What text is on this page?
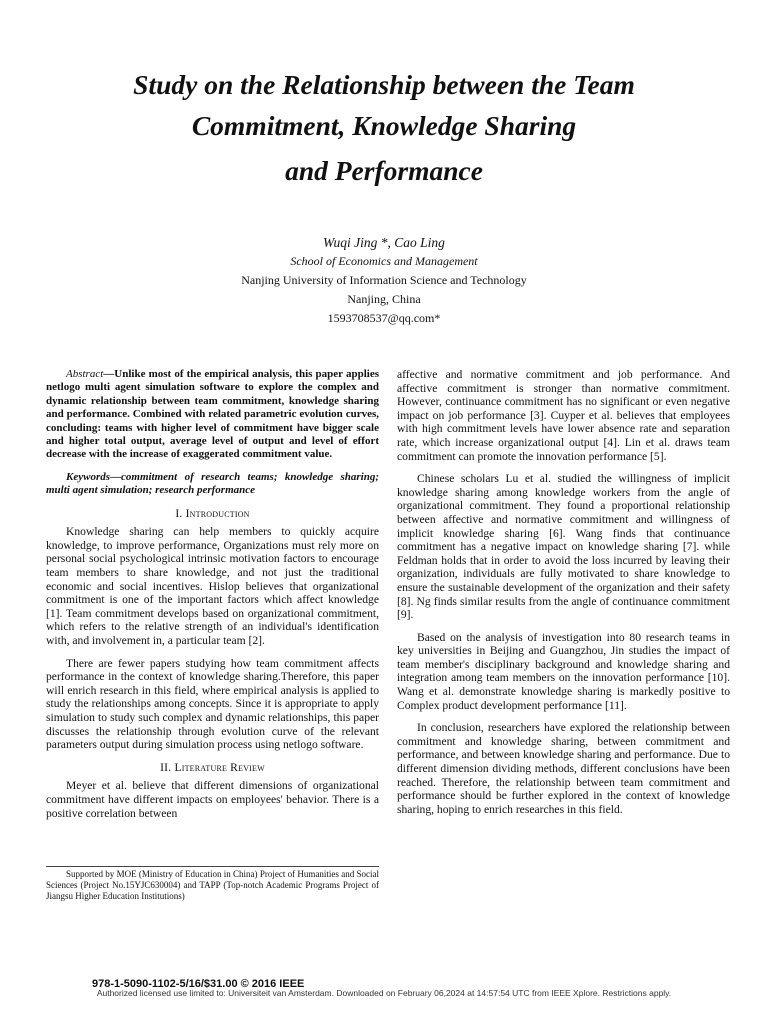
Study on the Relationship between the Team
Commitment, Knowledge Sharing
and Performance
Wuqi Jing *, Cao Ling
School of Economics and Management
Nanjing University of Information Science and Technology
Nanjing, China
1593708537@qq.com*

Abstract—Unlike most of the empirical analysis, this paper applies netlogo multi agent simulation software to explore the complex and dynamic relationship between team commitment, knowledge sharing and performance. Combined with related parametric evolution curves, concluding: teams with higher level of commitment have bigger scale and higher total output, average level of output and level of effort decrease with the increase of exaggerated commitment value.

Keywords—commitment of research teams; knowledge sharing; multi agent simulation; research performance

I. Introduction

Knowledge sharing can help members to quickly acquire knowledge, to improve performance, Organizations must rely more on personal social psychological intrinsic motivation factors to encourage team members to share knowledge, and not just the traditional economic and social incentives. Hislop believes that organizational commitment is one of the important factors which affect knowledge [1]. Team commitment develops based on organizational commitment, which refers to the relative strength of an individual's identification with, and involvement in, a particular team [2].

There are fewer papers studying how team commitment affects performance in the context of knowledge sharing.Therefore, this paper will enrich research in this field, where empirical analysis is applied to study the relationships among concepts. Since it is appropriate to apply simulation to study such complex and dynamic relationships, this paper discusses the relationship through evolution curve of the relevant parameters output during simulation process using netlogo software.

II. Literature Review

Meyer et al. believe that different dimensions of organizational commitment have different impacts on employees' behavior. There is a positive correlation between

affective and normative commitment and job performance. And affective commitment is stronger than normative commitment. However, continuance commitment has no significant or even negative impact on job performance [3]. Cuyper et al. believes that employees with high commitment levels have lower absence rate and separation rate, which increase organizational output [4]. Lin et al. draws team commitment can promote the innovation performance [5].

Chinese scholars Lu et al. studied the willingness of implicit knowledge sharing among knowledge workers from the angle of organizational commitment. They found a proportional relationship between affective and normative commitment and willingness of implicit knowledge sharing [6]. Wang finds that continuance commitment has a negative impact on knowledge sharing [7]. while Feldman holds that in order to avoid the loss incurred by leaving their organization, individuals are fully motivated to share knowledge to ensure the sustainable development of the organization and their safety [8]. Ng finds similar results from the angle of continuance commitment [9].

Based on the analysis of investigation into 80 research teams in key universities in Beijing and Guangzhou, Jin studies the impact of team member's disciplinary background and knowledge sharing and integration among team members on the innovation performance [10]. Wang et al. demonstrate knowledge sharing is markedly positive to Complex product development performance [11].

In conclusion, researchers have explored the relationship between commitment and knowledge sharing, between commitment and performance, and between knowledge sharing and performance. Due to different dimension dividing methods, different conclusions have been reached. Therefore, the relationship between team commitment and performance should be further explored in the context of knowledge sharing, hoping to enrich researches in this field.

Supported by MOE (Ministry of Education in China) Project of Humanities and Social Sciences (Project No.15YJC630004) and TAPP (Top-notch Academic Programs Project of Jiangsu Higher Education Institutions)
978-1-5090-1102-5/16/$31.00 © 2016 IEEE
Authorized licensed use limited to: Universiteit van Amsterdam. Downloaded on February 06,2024 at 14:57:54 UTC from IEEE Xplore. Restrictions apply.
